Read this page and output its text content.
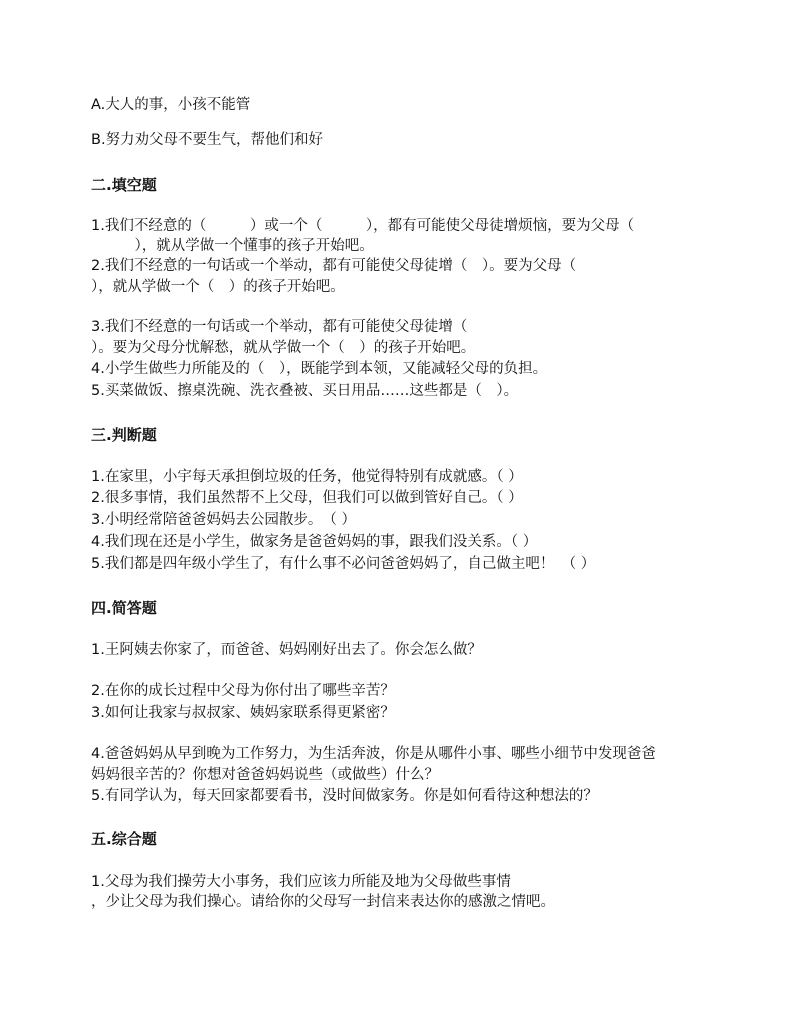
A.大人的事，小孩不能管
B.努力劝父母不要生气，帮他们和好
二.填空题
1.我们不经意的（　　　）或一个（　　　），都有可能使父母徒增烦恼，要为父母（
　　　），就从学做一个懂事的孩子开始吧。
2.我们不经意的一句话或一个举动，都有可能使父母徒增（　）。要为父母（
），就从学做一个（　）的孩子开始吧。
3.我们不经意的一句话或一个举动，都有可能使父母徒增（
）。要为父母分忧解愁，就从学做一个（　）的孩子开始吧。
4.小学生做些力所能及的（　），既能学到本领，又能减轻父母的负担。
5.买菜做饭、擦桌洗碗、洗衣叠被、买日用品……这些都是（　）。
三.判断题
1.在家里，小宇每天承担倒垃圾的任务，他觉得特别有成就感。（ ）
2.很多事情，我们虽然帮不上父母，但我们可以做到管好自己。（ ）
3.小明经常陪爸爸妈妈去公园散步。　（ ）
4.我们现在还是小学生，做家务是爸爸妈妈的事，跟我们没关系。（ ）
5.我们都是四年级小学生了，有什么事不必问爸爸妈妈了，自己做主吧！　（ ）
四.简答题
1.王阿姨去你家了，而爸爸、妈妈刚好出去了。你会怎么做？
2.在你的成长过程中父母为你付出了哪些辛苦？
3.如何让我家与叔叔家、姨妈家联系得更紧密？
4.爸爸妈妈从早到晚为工作努力，为生活奔波，你是从哪件小事、哪些小细节中发现爸爸
妈妈很辛苦的？你想对爸爸妈妈说些（或做些）什么？
5.有同学认为，每天回家都要看书，没时间做家务。你是如何看待这种想法的？
五.综合题
1.父母为我们操劳大小事务，我们应该力所能及地为父母做些事情
，少让父母为我们操心。请给你的父母写一封信来表达你的感激之情吧。
